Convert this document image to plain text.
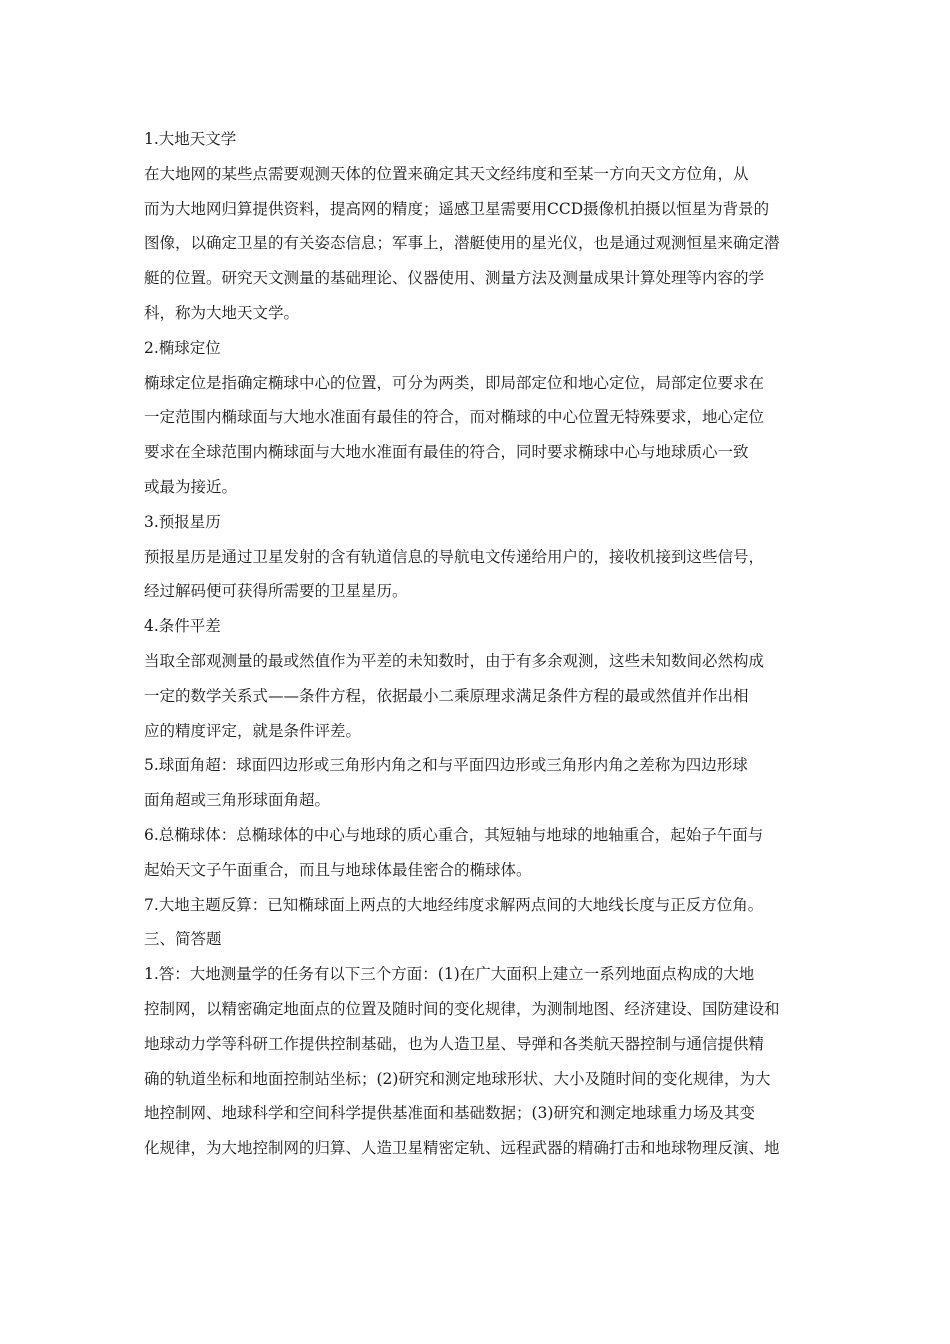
1.大地天文学
在大地网的某些点需要观测天体的位置来确定其天文经纬度和至某一方向天文方位角，从
而为大地网归算提供资料，提高网的精度；遥感卫星需要用CCD摄像机拍摄以恒星为背景的
图像，以确定卫星的有关姿态信息；军事上，潜艇使用的星光仪，也是通过观测恒星来确定潜
艇的位置。研究天文测量的基础理论、仪器使用、测量方法及测量成果计算处理等内容的学
科，称为大地天文学。
2.椭球定位
椭球定位是指确定椭球中心的位置，可分为两类，即局部定位和地心定位，局部定位要求在
一定范围内椭球面与大地水准面有最佳的符合，而对椭球的中心位置无特殊要求，地心定位
要求在全球范围内椭球面与大地水准面有最佳的符合，同时要求椭球中心与地球质心一致
或最为接近。
3.预报星历
预报星历是通过卫星发射的含有轨道信息的导航电文传递给用户的，接收机接到这些信号，
经过解码便可获得所需要的卫星星历。
4.条件平差
当取全部观测量的最或然值作为平差的未知数时，由于有多余观测，这些未知数间必然构成
一定的数学关系式——条件方程，依据最小二乘原理求满足条件方程的最或然值并作出相
应的精度评定，就是条件评差。
5.球面角超：球面四边形或三角形内角之和与平面四边形或三角形内角之差称为四边形球
面角超或三角形球面角超。
6.总椭球体：总椭球体的中心与地球的质心重合，其短轴与地球的地轴重合，起始子午面与
起始天文子午面重合，而且与地球体最佳密合的椭球体。
7.大地主题反算：已知椭球面上两点的大地经纬度求解两点间的大地线长度与正反方位角。
三、简答题
1.答：大地测量学的任务有以下三个方面：(1)在广大面积上建立一系列地面点构成的大地
控制网，以精密确定地面点的位置及随时间的变化规律，为测制地图、经济建设、国防建设和
地球动力学等科研工作提供控制基础，也为人造卫星、导弹和各类航天器控制与通信提供精
确的轨道坐标和地面控制站坐标；(2)研究和测定地球形状、大小及随时间的变化规律，为大
地控制网、地球科学和空间科学提供基准面和基础数据；(3)研究和测定地球重力场及其变
化规律，为大地控制网的归算、人造卫星精密定轨、远程武器的精确打击和地球物理反演、地
